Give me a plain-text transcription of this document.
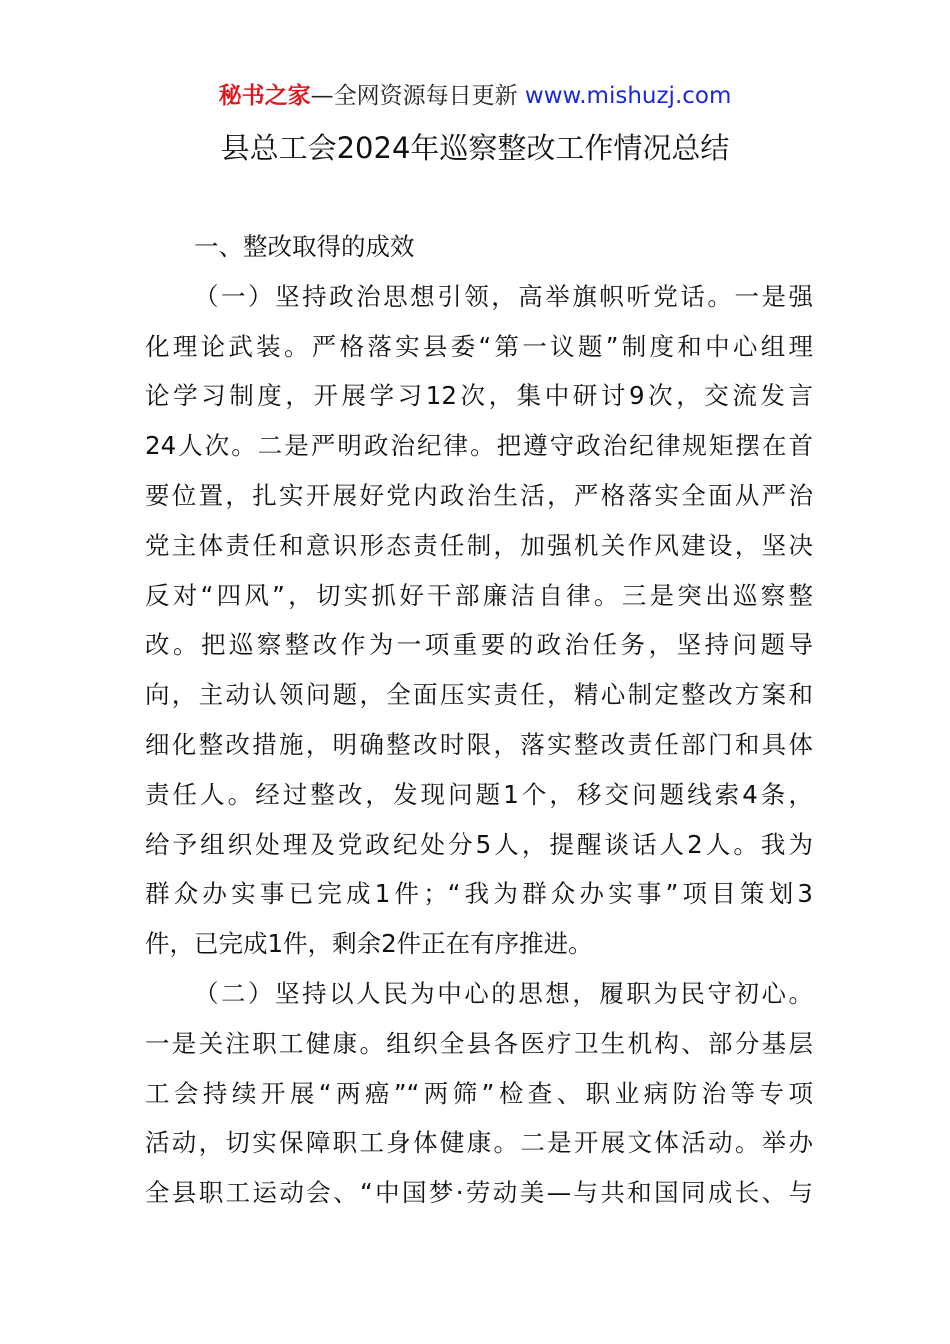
秘书之家—全网资源每日更新 www.mishuzj.com
县总工会2024年巡察整改工作情况总结

一、整改取得的成效

（一）坚持政治思想引领，高举旗帜听党话。一是强
化理论武装。严格落实县委“第一议题”制度和中心组理
论学习制度，开展学习12次，集中研讨9次，交流发言
24人次。二是严明政治纪律。把遵守政治纪律规矩摆在首
要位置，扎实开展好党内政治生活，严格落实全面从严治
党主体责任和意识形态责任制，加强机关作风建设，坚决
反对“四风”，切实抓好干部廉洁自律。三是突出巡察整
改。把巡察整改作为一项重要的政治任务，坚持问题导
向，主动认领问题，全面压实责任，精心制定整改方案和
细化整改措施，明确整改时限，落实整改责任部门和具体
责任人。经过整改，发现问题1个，移交问题线索4条，
给予组织处理及党政纪处分5人，提醒谈话人2人。我为
群众办实事已完成1件；“我为群众办实事”项目策划3
件，已完成1件，剩余2件正在有序推进。

（二）坚持以人民为中心的思想，履职为民守初心。
一是关注职工健康。组织全县各医疗卫生机构、部分基层
工会持续开展“两癌”“两筛”检查、职业病防治等专项
活动，切实保障职工身体健康。二是开展文体活动。举办
全县职工运动会、“中国梦·劳动美—与共和国同成长、与
